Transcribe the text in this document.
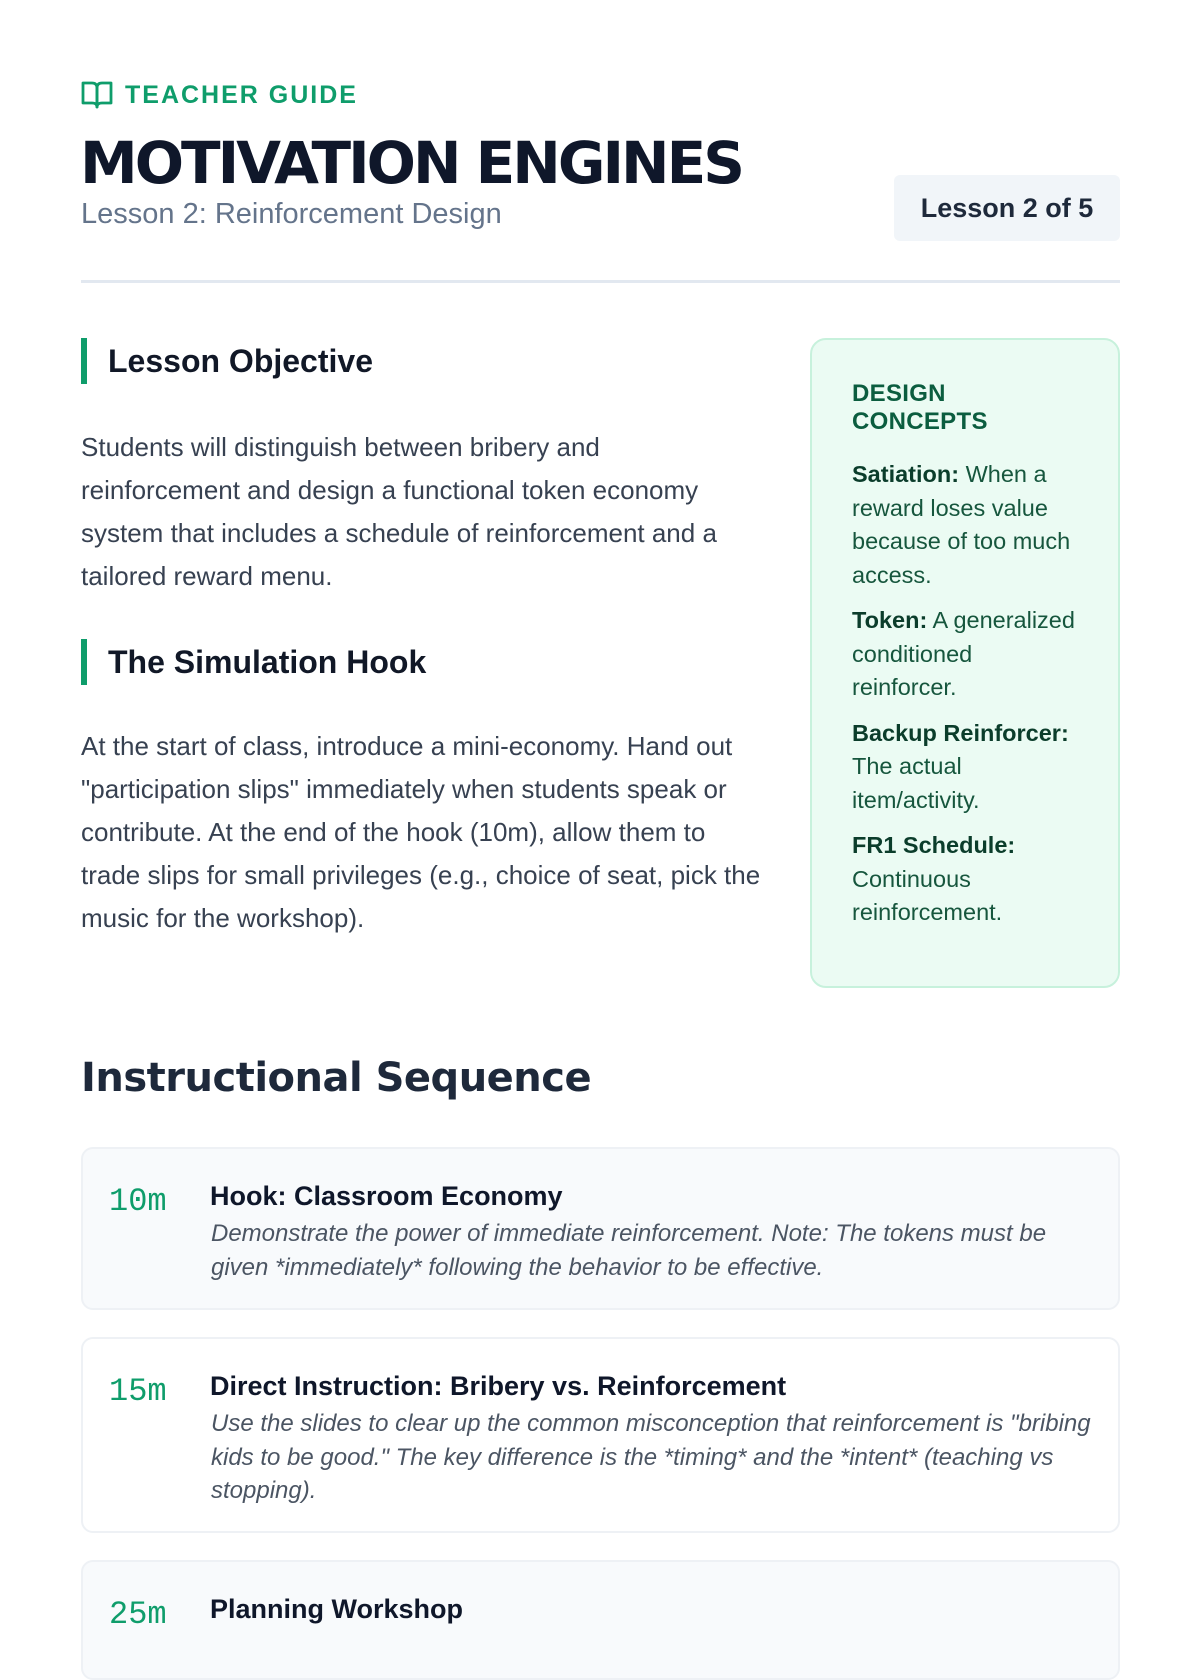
TEACHER GUIDE
MOTIVATION ENGINES
Lesson 2: Reinforcement Design	Lesson 2 of 5
Lesson Objective

Students will distinguish between bribery and reinforcement and design a functional token economy system that includes a schedule of reinforcement and a tailored reward menu.

The Simulation Hook

At the start of class, introduce a mini-economy. Hand out "participation slips" immediately when students speak or contribute. At the end of the hook (10m), allow them to trade slips for small privileges (e.g., choice of seat, pick the music for the workshop).

DESIGN CONCEPTS

Satiation: When a reward loses value because of too much access.

Token: A generalized conditioned reinforcer.

Backup Reinforcer: The actual item/activity.

FR1 Schedule: Continuous reinforcement.

Instructional Sequence
10m Hook: Classroom Economy

Demonstrate the power of immediate reinforcement. Note: The tokens must be given *immediately* following the behavior to be effective.

15m Direct Instruction: Bribery vs. Reinforcement

Use the slides to clear up the common misconception that reinforcement is "bribing kids to be good." The key difference is the *timing* and the *intent* (teaching vs stopping).

25m Planning Workshop
